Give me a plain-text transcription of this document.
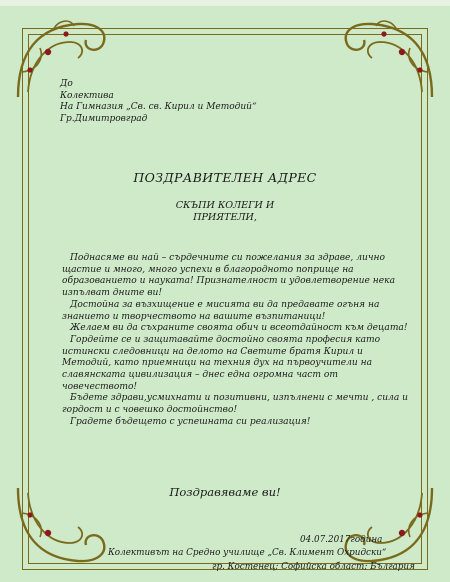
До
Колектива
На Гимназия „Св. св. Кирил и Методий“
Гр.Димитровград
ПОЗДРАВИТЕЛЕН АДРЕС
СКЪПИ КОЛЕГИ И
ПРИЯТЕЛИ,

Поднасяме ви най – сърдечните си пожелания за здраве, лично щастие и много, много успехи в благородното поприще на образованието и науката! Признателност и удовлетворение нека изпълват дните ви!

Достойна за възхищение е мисията ви да предавате огъня на знанието и творчеството на вашите възпитаници!

Желаем ви да съхраните своята обич и всеотдайност към децата!

Гордейте се и защитавайте достойно своята професия като истински следовници на делото на Светите братя Кирил и Методий, като приемници на техния дух на първоучители на славянската цивилизация – днес една огромна част от човечеството!

Бъдете здрави,усмихнати и позитивни, изпълнени с мечти , сила и гордост и с човешко достойнство!

Градете бъдещето с успешната си реализация!

Поздравяваме ви!
04.07.2017година
Колективът на Средно училище „Св. Климент Охридски“
гр. Костенец; Софийска област; България
